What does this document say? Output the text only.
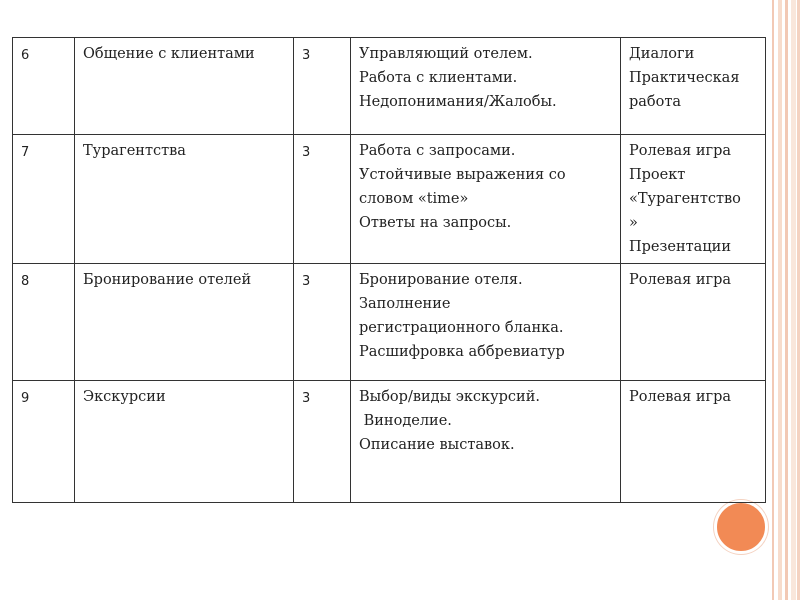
6	Общение с клиентами	3	Управляющий отелем.
Работа с клиентами.
Недопонимания/Жалобы.	Диалоги
Практическая
работа

7	Турагентства	3	Работа с запросами.
Устойчивые выражения со
словом «time»
Ответы на запросы.	Ролевая игра
Проект
«Турагентство
»
Презентации

8	Бронирование отелей	3	Бронирование отеля.
Заполнение
регистрационного бланка.
Расшифровка аббревиатур	Ролевая игра

9	Экскурсии	3	Выбор/виды экскурсий.
Виноделие.
Описание выставок.	Ролевая игра
